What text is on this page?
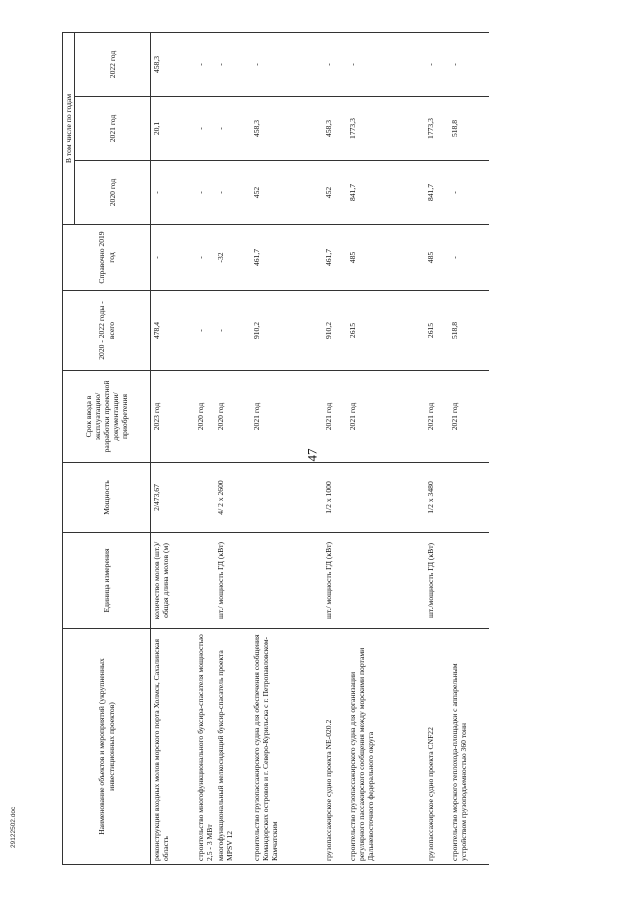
47
29122502.doc	Наименование объектов и мероприятий (укрупненных инвестиционных проектов)	Единица измерения	Мощность	Срок ввода в эксплуатацию/ разработки проектной документации/ приобретения	2020 - 2022 годы - всего	Справочно 2019 год	В том числе по годам		
						2020 год	2021 год	2022 год
реконструкция входных молов морского порта Холмск, Сахалинская область	количество молов (шт.)/ общая длина молов (м)	2/473,67	2023 год	478,4	-	-	20,1	458,3
строительство многофункционального буксира-спасателя мощностью 2,5 - 3 МВт			2020 год	-	-	-	-	-
многофункциональный мелкосидящий буксир-спасатель проекта MPSV 12	шт./ мощность ГД (кВт)	4/ 2 x 2600	2020 год	-	-32	-	-	-
строительство грузопассажирского судна для обеспечения сообщения Командорских островов и г. Северо-Курильска с г. Петропавловском-Камчатским			2021 год	910,2	461,7	452	458,3	-
грузопассажирское судно проекта NE-020.2	шт./ мощность ГД (кВт)	1/2 x 1000	2021 год	910,2	461,7	452	458,3	-
строительство грузопассажирского судна для организации регулярного пассажирского сообщения между морскими портами Дальневосточного федерального округа			2021 год	2615	485	841,7	1773,3	-
грузопассажирское судно проекта CNF22	шт./мощность ГД (кВт)	1/2 x 3480	2021 год	2615	485	841,7	1773,3	-
строительство морского теплохода-площадки с аппарельным устройством грузоподъемностью 360 тонн			2021 год	518,8	-	-	518,8	-
